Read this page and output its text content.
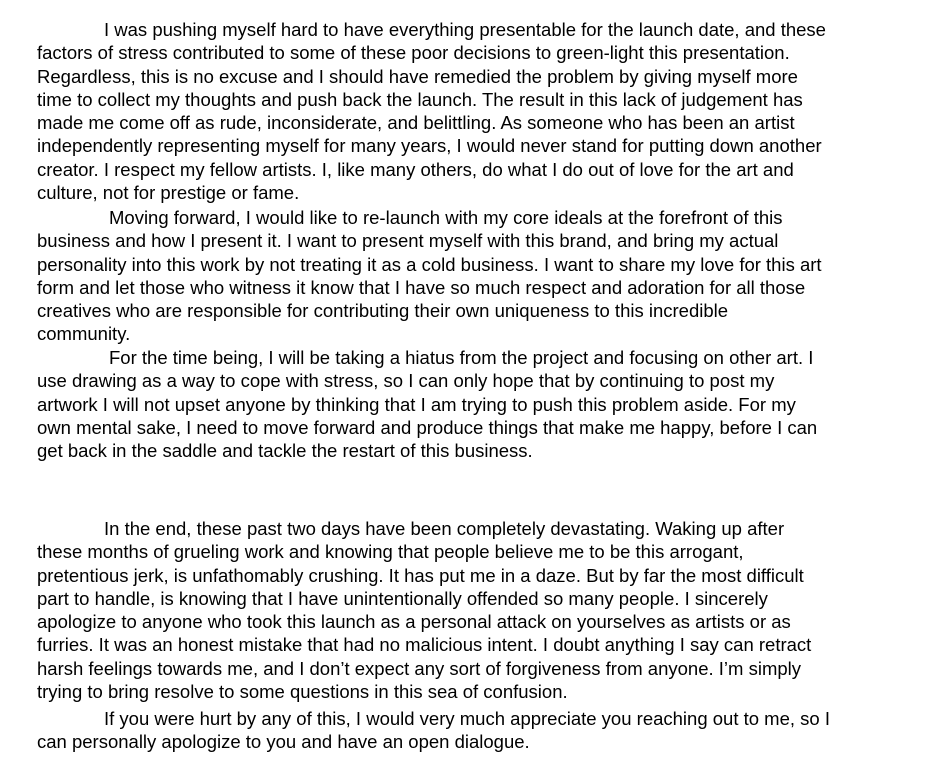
I was pushing myself hard to have everything presentable for the launch date, and these
factors of stress contributed to some of these poor decisions to green-light this presentation.
Regardless, this is no excuse and I should have remedied the problem by giving myself more
time to collect my thoughts and push back the launch. The result in this lack of judgement has
made me come off as rude, inconsiderate, and belittling. As someone who has been an artist
independently representing myself for many years, I would never stand for putting down another
creator. I respect my fellow artists. I, like many others, do what I do out of love for the art and
culture, not for prestige or fame.
Moving forward, I would like to re-launch with my core ideals at the forefront of this
business and how I present it. I want to present myself with this brand, and bring my actual
personality into this work by not treating it as a cold business. I want to share my love for this art
form and let those who witness it know that I have so much respect and adoration for all those
creatives who are responsible for contributing their own uniqueness to this incredible
community.
For the time being, I will be taking a hiatus from the project and focusing on other art. I
use drawing as a way to cope with stress, so I can only hope that by continuing to post my
artwork I will not upset anyone by thinking that I am trying to push this problem aside. For my
own mental sake, I need to move forward and produce things that make me happy, before I can
get back in the saddle and tackle the restart of this business.
In the end, these past two days have been completely devastating. Waking up after
these months of grueling work and knowing that people believe me to be this arrogant,
pretentious jerk, is unfathomably crushing. It has put me in a daze. But by far the most difficult
part to handle, is knowing that I have unintentionally offended so many people. I sincerely
apologize to anyone who took this launch as a personal attack on yourselves as artists or as
furries. It was an honest mistake that had no malicious intent. I doubt anything I say can retract
harsh feelings towards me, and I don’t expect any sort of forgiveness from anyone. I’m simply
trying to bring resolve to some questions in this sea of confusion.
If you were hurt by any of this, I would very much appreciate you reaching out to me, so I
can personally apologize to you and have an open dialogue.
